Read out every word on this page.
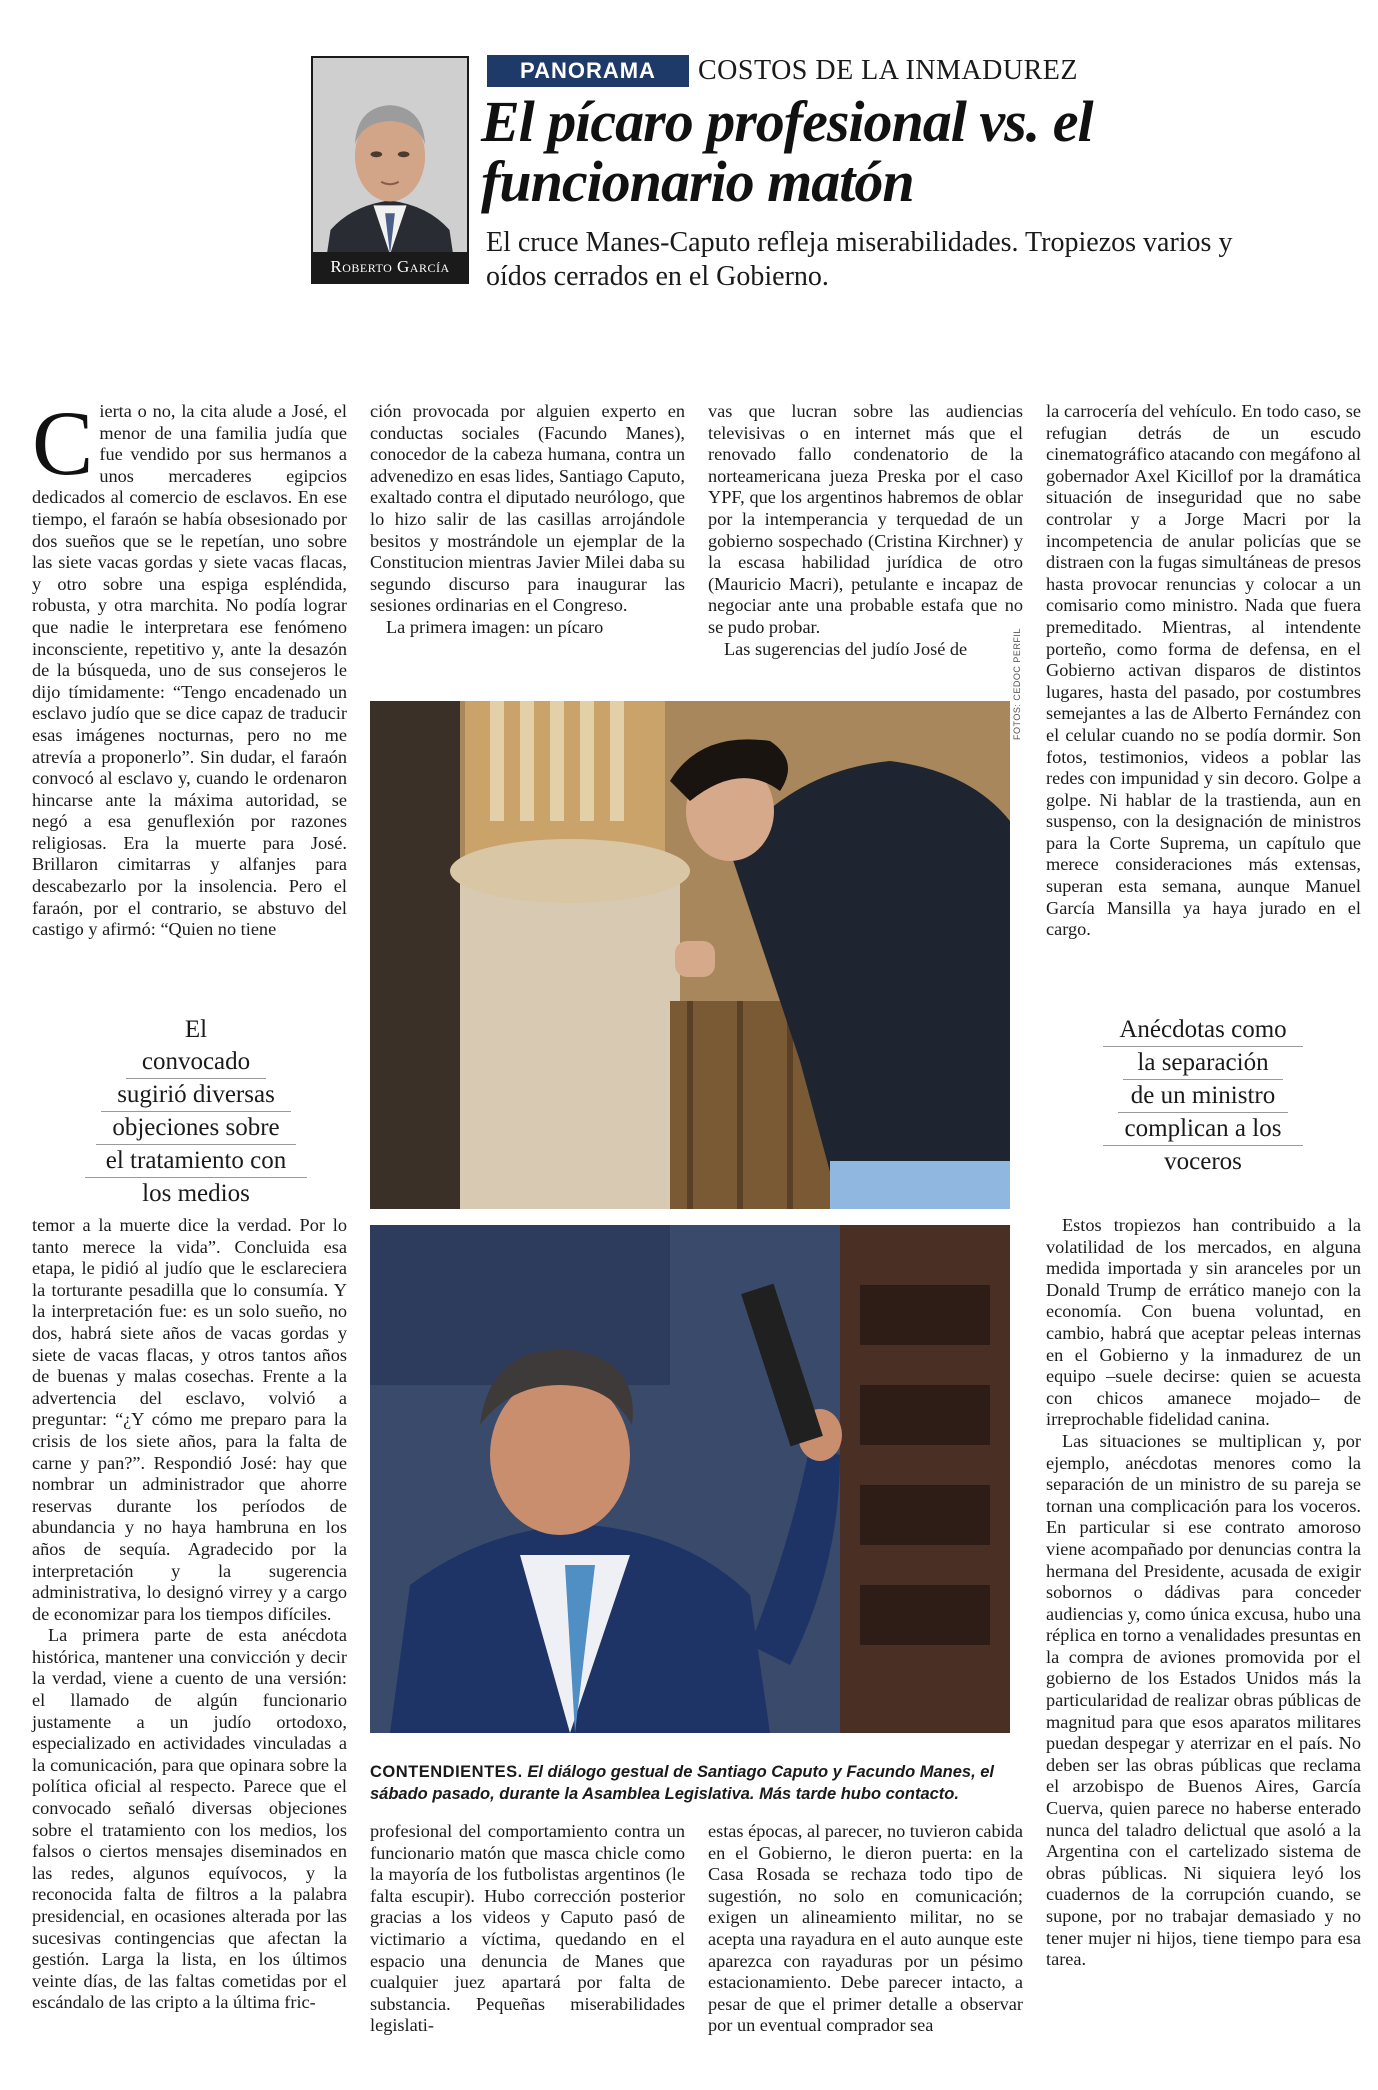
Roberto García
PANORAMA	COSTOS DE LA INMADUREZ
El pícaro profesional vs. el funcionario matón
El cruce Manes-Caputo refleja miserabilidades. Tropiezos varios y oídos cerrados en el Gobierno.

Cierta o no, la cita alude a José, el menor de una familia judía que fue vendido por sus hermanos a unos mercaderes egipcios dedicados al comercio de esclavos. En ese tiempo, el faraón se había obsesionado por dos sueños que se le repetían, uno sobre las siete vacas gordas y siete vacas flacas, y otro sobre una espiga espléndida, robusta, y otra marchita. No podía lograr que nadie le interpretara ese fenómeno inconsciente, repetitivo y, ante la desazón de la búsqueda, uno de sus consejeros le dijo tímidamente: “Tengo encadenado un esclavo judío que se dice capaz de traducir esas imágenes nocturnas, pero no me atrevía a proponerlo”. Sin dudar, el faraón convocó al esclavo y, cuando le ordenaron hincarse ante la máxima autoridad, se negó a esa genuflexión por razones religiosas. Era la muerte para José. Brillaron cimitarras y alfanjes para descabezarlo por la insolencia. Pero el faraón, por el contrario, se abstuvo del castigo y afirmó: “Quien no tiene

El convocado
sugirió diversas
objeciones sobre
el tratamiento con
los medios

temor a la muerte dice la verdad. Por lo tanto merece la vida”. Concluida esa etapa, le pidió al judío que le esclareciera la torturante pesadilla que lo consumía. Y la interpretación fue: es un solo sueño, no dos, habrá siete años de vacas gordas y siete de vacas flacas, y otros tantos años de buenas y malas cosechas. Frente a la advertencia del esclavo, volvió a preguntar: “¿Y cómo me preparo para la crisis de los siete años, para la falta de carne y pan?”. Respondió José: hay que nombrar un administrador que ahorre reservas durante los períodos de abundancia y no haya hambruna en los años de sequía. Agradecido por la interpretación y la sugerencia administrativa, lo designó virrey y a cargo de economizar para los tiempos difíciles.

La primera parte de esta anécdota histórica, mantener una convicción y decir la verdad, viene a cuento de una versión: el llamado de algún funcionario justamente a un judío ortodoxo, especializado en actividades vinculadas a la comunicación, para que opinara sobre la política oficial al respecto. Parece que el convocado señaló diversas objeciones sobre el tratamiento con los medios, los falsos o ciertos mensajes diseminados en las redes, algunos equívocos, y la reconocida falta de filtros a la palabra presidencial, en ocasiones alterada por las sucesivas contingencias que afectan la gestión. Larga la lista, en los últimos veinte días, de las faltas cometidas por el escándalo de las cripto a la última fric-

ción provocada por alguien experto en conductas sociales (Facundo Manes), conocedor de la cabeza humana, contra un advenedizo en esas lides, Santiago Caputo, exaltado contra el diputado neurólogo, que lo hizo salir de las casillas arrojándole besitos y mostrándole un ejemplar de la Constitucion mientras Javier Milei daba su segundo discurso para inaugurar las sesiones ordinarias en el Congreso.

La primera imagen: un pícaro

profesional del comportamiento contra un funcionario matón que masca chicle como la mayoría de los futbolistas argentinos (le falta escupir). Hubo corrección posterior gracias a los videos y Caputo pasó de victimario a víctima, quedando en el espacio una denuncia de Manes que cualquier juez apartará por falta de substancia. Pequeñas miserabilidades legislati-

vas que lucran sobre las audiencias televisivas o en internet más que el renovado fallo condenatorio de la norteamericana jueza Preska por el caso YPF, que los argentinos habremos de oblar por la intemperancia y terquedad de un gobierno sospechado (Cristina Kirchner) y la escasa habilidad jurídica de otro (Mauricio Macri), petulante e incapaz de negociar ante una probable estafa que no se pudo probar.

Las sugerencias del judío José de

estas épocas, al parecer, no tuvieron cabida en el Gobierno, le dieron puerta: en la Casa Rosada se rechaza todo tipo de sugestión, no solo en comunicación; exigen un alineamiento militar, no se acepta una rayadura en el auto aunque este aparezca con rayaduras por un pésimo estacionamiento. Debe parecer intacto, a pesar de que el primer detalle a observar por un eventual comprador sea

FOTOS: CEDOC PERFIL
CONTENDIENTES. El diálogo gestual de Santiago Caputo y Facundo Manes, el sábado pasado, durante la Asamblea Legislativa. Más tarde hubo contacto.

la carrocería del vehículo. En todo caso, se refugian detrás de un escudo cinematográfico atacando con megáfono al gobernador Axel Kicillof por la dramática situación de inseguridad que no sabe controlar y a Jorge Macri por la incompetencia de anular policías que se distraen con la fugas simultáneas de presos hasta provocar renuncias y colocar a un comisario como ministro. Nada que fuera premeditado. Mientras, al intendente porteño, como forma de defensa, en el Gobierno activan disparos de distintos lugares, hasta del pasado, por costumbres semejantes a las de Alberto Fernández con el celular cuando no se podía dormir. Son fotos, testimonios, videos a poblar las redes con impunidad y sin decoro. Golpe a golpe. Ni hablar de la trastienda, aun en suspenso, con la designación de ministros para la Corte Suprema, un capítulo que merece consideraciones más extensas, superan esta semana, aunque Manuel García Mansilla ya haya jurado en el cargo.

Anécdotas como
la separación
de un ministro
complican a los
voceros

Estos tropiezos han contribuido a la volatilidad de los mercados, en alguna medida importada y sin aranceles por un Donald Trump de errático manejo con la economía. Con buena voluntad, en cambio, habrá que aceptar peleas internas en el Gobierno y la inmadurez de un equipo –suele decirse: quien se acuesta con chicos amanece mojado– de irreprochable fidelidad canina.

Las situaciones se multiplican y, por ejemplo, anécdotas menores como la separación de un ministro de su pareja se tornan una complicación para los voceros. En particular si ese contrato amoroso viene acompañado por denuncias contra la hermana del Presidente, acusada de exigir sobornos o dádivas para conceder audiencias y, como única excusa, hubo una réplica en torno a venalidades presuntas en la compra de aviones promovida por el gobierno de los Estados Unidos más la particularidad de realizar obras públicas de magnitud para que esos aparatos militares puedan despegar y aterrizar en el país. No deben ser las obras públicas que reclama el arzobispo de Buenos Aires, García Cuerva, quien parece no haberse enterado nunca del taladro delictual que asoló a la Argentina con el cartelizado sistema de obras públicas. Ni siquiera leyó los cuadernos de la corrupción cuando, se supone, por no trabajar demasiado y no tener mujer ni hijos, tiene tiempo para esa tarea.
